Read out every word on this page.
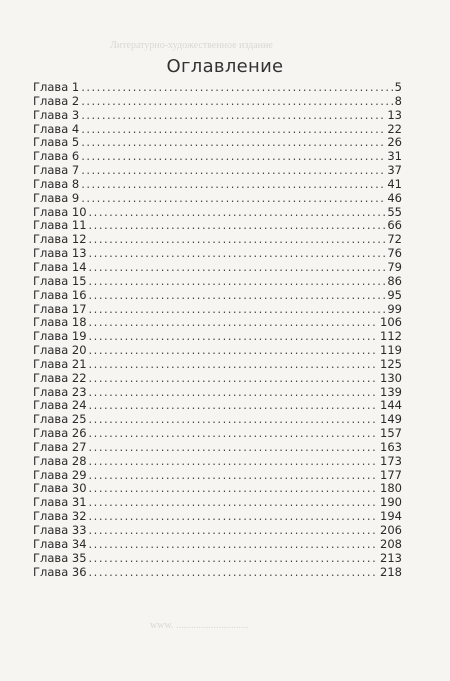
Литературно-художественное издание
www. .............................
Оглавление
Глава 1 .....	5
Глава 2 .....	8
Глава 3 .....	13
Глава 4 .....	22
Глава 5 .....	26
Глава 6 .....	31
Глава 7 .....	37
Глава 8 .....	41
Глава 9 .....	46
Глава 10 .....	55
Глава 11 .....	66
Глава 12 .....	72
Глава 13 .....	76
Глава 14 .....	79
Глава 15 .....	86
Глава 16 .....	95
Глава 17 .....	99
Глава 18 .....	106
Глава 19 .....	112
Глава 20 .....	119
Глава 21 .....	125
Глава 22 .....	130
Глава 23 .....	139
Глава 24 .....	144
Глава 25 .....	149
Глава 26 .....	157
Глава 27 .....	163
Глава 28 .....	173
Глава 29 .....	177
Глава 30 .....	180
Глава 31 .....	190
Глава 32 .....	194
Глава 33 .....	206
Глава 34 .....	208
Глава 35 .....	213
Глава 36 .....	218
